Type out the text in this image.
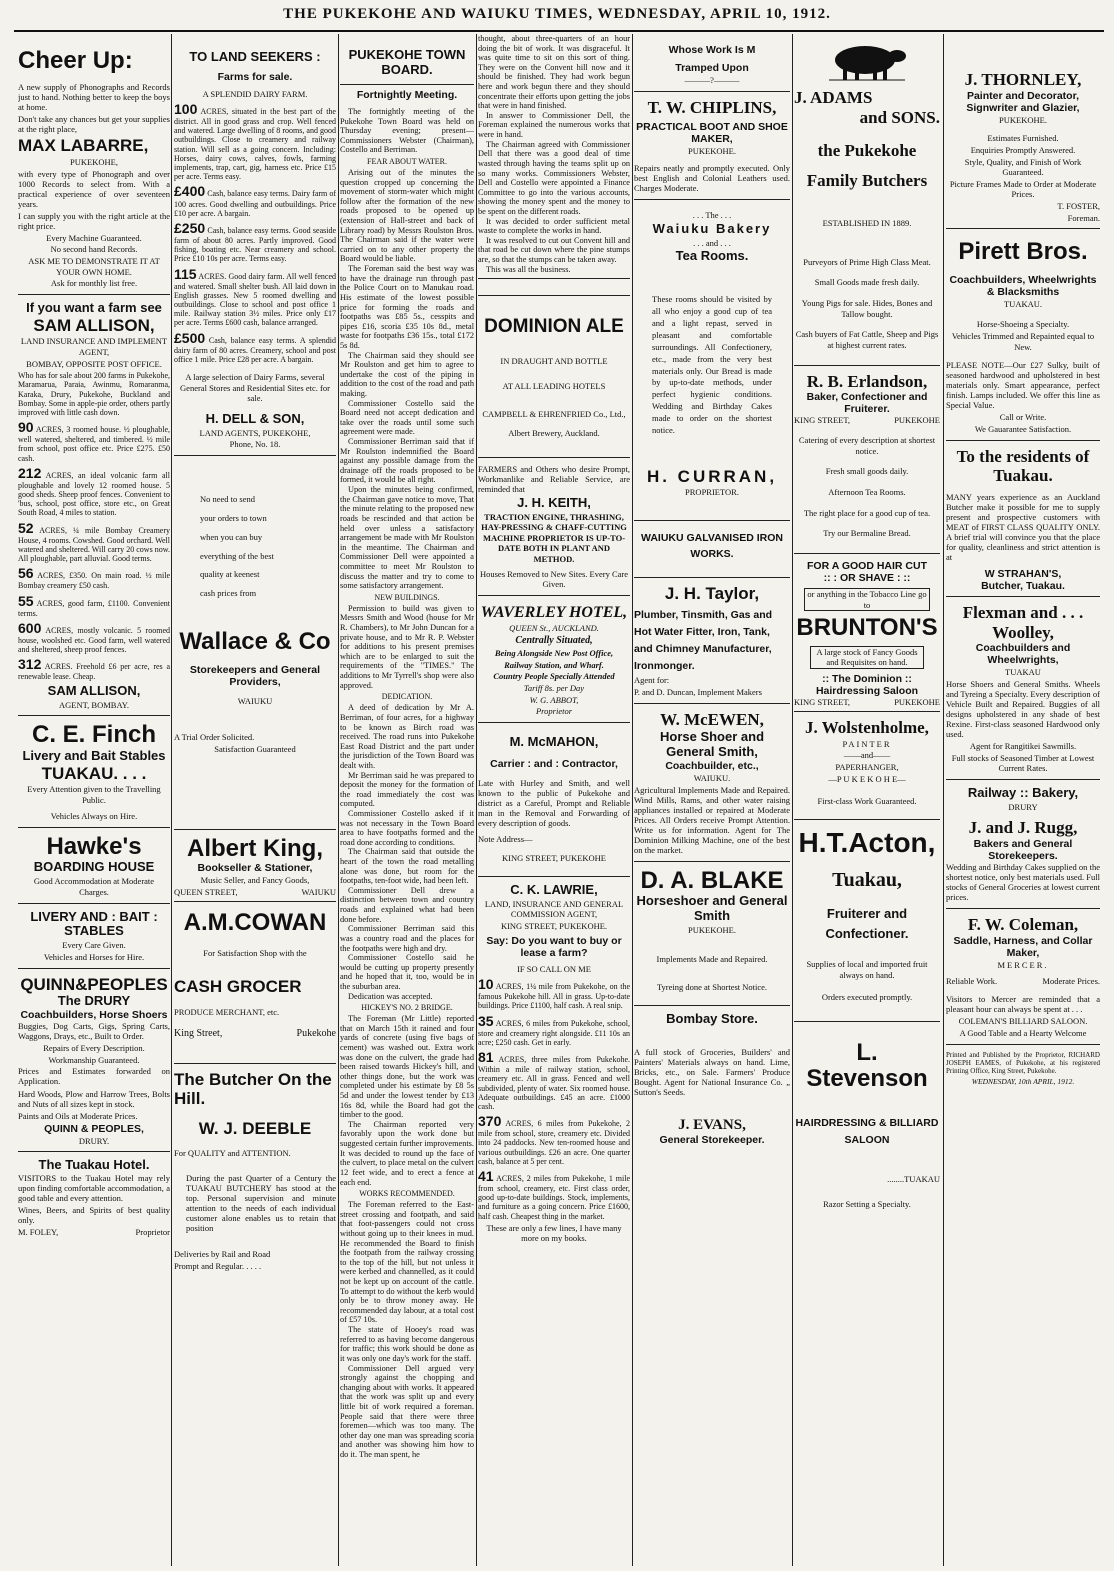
THE PUKEKOHE AND WAIUKU TIMES, WEDNESDAY, APRIL 10, 1912.
Cheer Up:

A new supply of Phonographs and Records just to hand. Nothing better to keep the boys at home.

Don't take any chances but get your supplies at the right place,

MAX LABARRE,
PUKEKOHE,

with every type of Phonograph and over 1000 Records to select from. With a practical experience of over seventeen years.

I can supply you with the right article at the right price.

Every Machine Guaranteed.
No second hand Records.
ASK ME TO DEMONSTRATE IT AT YOUR OWN HOME.
Ask for monthly list free.
If you want a farm see
SAM ALLISON,
LAND INSURANCE AND IMPLEMENT AGENT,
BOMBAY, OPPOSITE POST OFFICE.

Who has for sale about 200 farms in Pukekohe, Maramarua, Paraia, Awinmu, Romaranma, Karaka, Drury, Pukekohe, Buckland and Bombay. Some in apple-pie order, others partly improved with little cash down.

90 ACRES, 3 roomed house. ½ ploughable, well watered, sheltered, and timbered. ½ mile from school, post office etc. Price £275. £50 cash.

212 ACRES, an ideal volcanic farm all ploughable and lovely 12 roomed house. 5 good sheds. Sheep proof fences. Convenient to 'bus, school, post office, store etc., on Great South Road, 4 miles to station.

52 ACRES, ¼ mile Bombay Creamery House, 4 rooms. Cowshed. Good orchard. Well watered and sheltered. Will carry 20 cows now. All ploughable, part alluvial. Good terms.

56 ACRES, £350. On main road. ½ mile Bombay creamery £50 cash.

55 ACRES, good farm, £1100. Convenient terms.

600 ACRES, mostly volcanic. 5 roomed house, woolshed etc. Good farm, well watered and sheltered, sheep proof fences.

312 ACRES. Freehold £6 per acre, res a renewable lease. Cheap.

SAM ALLISON,
AGENT, BOMBAY.
C. E. Finch
Livery and Bait Stables
TUAKAU. . . .
Every Attention given to the Travelling Public.
Vehicles Always on Hire.
Hawke's
BOARDING HOUSE
Good Accommodation at Moderate Charges.
LIVERY AND : BAIT : STABLES
Every Care Given.
Vehicles and Horses for Hire.
QUINN&PEOPLES
The DRURY
Coachbuilders, Horse Shoers

Buggies, Dog Carts, Gigs, Spring Carts, Waggons, Drays, etc., Built to Order.

Repairs of Every Description.
Workmanship Guaranteed.

Prices and Estimates forwarded on Application.

Hard Woods, Plow and Harrow Trees, Bolts and Nuts of all sizes kept in stock.

Paints and Oils at Moderate Prices.

QUINN & PEOPLES,
DRURY.
The Tuakau Hotel.

VISITORS to the Tuakau Hotel may rely upon finding comfortable accommodation, a good table and every attention.

Wines, Beers, and Spirits of best quality only.

M. FOLEY,	Proprietor
TO LAND SEEKERS :
Farms for sale.
A SPLENDID DAIRY FARM.

100 ACRES, situated in the best part of the district. All in good grass and crop. Well fenced and watered. Large dwelling of 8 rooms, and good outbuildings. Close to creamery and railway station. Will sell as a going concern. Including: Horses, dairy cows, calves, fowls, farming implements, trap, cart, gig, harness etc. Price £15 per acre. Terms easy.

£400 Cash, balance easy terms. Dairy farm of 100 acres. Good dwelling and outbuildings. Price £10 per acre. A bargain.

£250 Cash, balance easy terms. Good seaside farm of about 80 acres. Partly improved. Good fishing, boating etc. Near creamery and school. Price £10 10s per acre. Terms easy.

115 ACRES. Good dairy farm. All well fenced and watered. Small shelter bush. All laid down in English grasses. New 5 roomed dwelling and outbuildings. Close to school and post office 1 mile. Railway station 3½ miles. Price only £17 per acre. Terms £600 cash, balance arranged.

£500 Cash, balance easy terms. A splendid dairy farm of 80 acres. Creamery, school and post office 1 mile. Price £28 per acre. A bargain.

A large selection of Dairy Farms, several General Stores and Residential Sites etc. for sale.
H. DELL & SON,
LAND AGENTS, PUKEKOHE,
Phone, No. 18.
No need to send
your orders to town
when you can buy
everything of the best
quality at keenest
cash prices from
Wallace & Co
Storekeepers and General Providers,
WAIUKU
A Trial Order Solicited.
Satisfaction Guaranteed
Albert King,
Bookseller & Stationer,
Music Seller, and Fancy Goods,
QUEEN STREET,	WAIUKU
A.M.COWAN
For Satisfaction Shop with the
CASH GROCER
PRODUCE MERCHANT, etc.
King Street,	Pukekohe
The Butcher On the Hill.
W. J. DEEBLE
For QUALITY and ATTENTION.

During the past Quarter of a Century the TUAKAU BUTCHERY has stood at the top. Personal supervision and minute attention to the needs of each individual customer alone enables us to retain that position

Deliveries by Rail and Road
Prompt and Regular. . . . .
PUKEKOHE TOWN BOARD.
Fortnightly Meeting.

The fortnightly meeting of the Pukekohe Town Board was held on Thursday evening; present— Commissioners Webster (Chairman), Costello and Berriman.

FEAR ABOUT WATER.

Arising out of the minutes the question cropped up concerning the movement of storm-water which might follow after the formation of the new roads proposed to be opened up (extension of Hall-street and back of Library road) by Messrs Roulston Bros. The Chairman said if the water were carried on to any other property the Board would be liable.

The Foreman said the best way was to have the drainage run through past the Police Court on to Manukau road. His estimate of the lowest possible price for forming the roads and footpaths was £85 5s., cesspits and pipes £16, scoria £35 10s 8d., metal waste for footpaths £36 15s., total £172 5s 8d.

The Chairman said they should see Mr Roulston and get him to agree to undertake the cost of the piping in addition to the cost of the road and path making.

Commissioner Costello said the Board need not accept dedication and take over the roads until some such agreement were made.

Commissioner Berriman said that if Mr Roulston indemnified the Board against any possible damage from the drainage off the roads proposed to be formed, it would be all right.

Upon the minutes being confirmed, the Chairman gave notice to move, That the minute relating to the proposed new roads be rescinded and that action be held over unless a satisfactory arrangement be made with Mr Roulston in the meantime. The Chairman and Commissioner Dell were appointed a committee to meet Mr Roulston to discuss the matter and try to come to some satisfactory arrangement.

NEW BUILDINGS.

Permission to build was given to Messrs Smith and Wood (house for Mr R. Chambers), to Mr John Duncan for a private house, and to Mr R. P. Webster for additions to his present premises which are to be enlarged to suit the requirements of the "TIMES." The additions to Mr Tyrrell's shop were also approved.

DEDICATION.

A deed of dedication by Mr A. Berriman, of four acres, for a highway to be known as Birch road was received. The road runs into Pukekohe East Road District and the part under the jurisdiction of the Town Board was dealt with.

Mr Berriman said he was prepared to deposit the money for the formation of the road immediately the cost was computed.

Commissioner Costello asked if it was not necessary in the Town Board area to have footpaths formed and the road done according to conditions.

The Chairman said that outside the heart of the town the road metalling alone was done, but room for the footpaths, ten-foot wide, had been left.

Commissioner Dell drew a distinction between town and country roads and explained what had been done before.

Commissioner Berriman said this was a country road and the places for the footpaths were high and dry.

Commissioner Costello said he would be cutting up property presently and he hoped that it, too, would be in the suburban area.

Dedication was accepted.

HICKEY'S NO. 2 BRIDGE.

The Foreman (Mr Little) reported that on March 15th it rained and four yards of concrete (using five bags of cement) was washed out. Extra work was done on the culvert, the grade had been raised towards Hickey's hill, and other things done, but the work was completed under his estimate by £8 5s 5d and under the lowest tender by £13 16s 8d, while the Board had got the timber to the good.

The Chairman reported very favorably upon the work done but suggested certain further improvements. It was decided to round up the face of the culvert, to place metal on the culvert 12 feet wide, and to erect a fence at each end.

WORKS RECOMMENDED.

The Foreman referred to the East-street crossing and footpath, and said that foot-passengers could not cross without going up to their knees in mud. He recommended the Board to finish the footpath from the railway crossing to the top of the hill, but not unless it were kerbed and channelled, as it could not be kept up on account of the cattle. To attempt to do without the kerb would only be to throw money away. He recommended day labour, at a total cost of £57 10s.

The state of Hooey's road was referred to as having become dangerous for traffic; this work should be done as it was only one day's work for the staff.

Commissioner Dell argued very strongly against the chopping and changing about with works. It appeared that the work was split up and every little bit of work required a foreman. People said that there were three foremen—which was too many. The other day one man was spreading scoria and another was showing him how to do it. The man spent, he

thought, about three-quarters of an hour doing the bit of work. It was disgraceful. It was quite time to sit on this sort of thing. They were on the Convent hill now and it should be finished. They had work begun here and work begun there and they should concentrate their efforts upon getting the jobs that were in hand finished.

In answer to Commissioner Dell, the Foreman explained the numerous works that were in hand.

The Chairman agreed with Commissioner Dell that there was a good deal of time wasted through having the teams split up on so many works. Commissioners Webster, Dell and Costello were appointed a Finance Committee to go into the various accounts, showing the money spent and the money to be spent on the different roads.

It was decided to order sufficient metal waste to complete the works in hand.

It was resolved to cut out Convent hill and that road be cut down where the pine stumps are, so that the stumps can be taken away.

This was all the business.

DOMINION ALE
IN DRAUGHT AND BOTTLE
AT ALL LEADING HOTELS
CAMPBELL & EHRENFRIED Co., Ltd.,
Albert Brewery, Auckland.

FARMERS and Others who desire Prompt, Workmanlike and Reliable Service, are reminded that

J. H. KEITH,
TRACTION ENGINE, THRASHING, HAY-PRESSING & CHAFF-CUTTING MACHINE PROPRIETOR IS UP-TO-DATE BOTH IN PLANT AND METHOD.
Houses Removed to New Sites. Every Care Given.
WAVERLEY HOTEL,
QUEEN St., AUCKLAND.
Centrally Situated,
Being Alongside New Post Office,
Railway Station, and Wharf.
Country People Specially Attended
Tariff 8s. per Day
W. G. ABBOT,
Proprietor
M. McMAHON,
Carrier : and : Contractor,

Late with Hurley and Smith, and well known to the public of Pukekohe and district as a Careful, Prompt and Reliable man in the Removal and Forwarding of every description of goods.

Note Address—
KING STREET, PUKEKOHE
C. K. LAWRIE,
LAND, INSURANCE AND GENERAL COMMISSION AGENT,
KING STREET, PUKEKOHE.
Say: Do you want to buy or lease a farm?
IF SO CALL ON ME

10 ACRES, 1¼ mile from Pukekohe, on the famous Pukekohe hill. All in grass. Up-to-date buildings. Price £1100, half cash. A real snip.

35 ACRES, 6 miles from Pukekohe, school, store and creamery right alongside. £11 10s an acre; £250 cash. Get in early.

81 ACRES, three miles from Pukekohe. Within a mile of railway station, school, creamery etc. All in grass. Fenced and well subdivided, plenty of water. Six roomed house. Adequate outbuildings. £45 an acre. £1000 cash.

370 ACRES, 6 miles from Pukekohe, 2 mile from school, store, creamery etc. Divided into 24 paddocks. New ten-roomed house and various outbuildings. £26 an acre. One quarter cash, balance at 5 per cent.

41 ACRES, 2 miles from Pukekohe, 1 mile from school, creamery, etc. First class order, good up-to-date buildings. Stock, implements, and furniture as a going concern. Price £1600, half cash. Cheapest thing in the market.

These are only a few lines, I have many more on my books.
Whose Work Is M
Tramped Upon
———?———
T. W. CHIPLINS,
PRACTICAL BOOT AND SHOE MAKER,
PUKEKOHE.

Repairs neatly and promptly executed. Only best English and Colonial Leathers used. Charges Moderate.

. . . The . . .
Waiuku Bakery
. . . and . . .
Tea Rooms.

These rooms should be visited by all who enjoy a good cup of tea and a light repast, served in pleasant and comfortable surroundings. All Confectionery, etc., made from the very best materials only. Our Bread is made by up-to-date methods, under perfect hygienic conditions. Wedding and Birthday Cakes made to order on the shortest notice.

H. CURRAN,
PROPRIETOR.
WAIUKU GALVANISED IRON WORKS.
J. H. Taylor,
Plumber, Tinsmith, Gas and Hot Water Fitter, Iron, Tank, and Chimney Manufacturer, Ironmonger.
Agent for:
P. and D. Duncan, Implement Makers
W. McEWEN,
Horse Shoer and General Smith,
Coachbuilder, etc.,
WAIUKU.

Agricultural Implements Made and Repaired. Wind Mills, Rams, and other water raising appliances installed or repaired at Moderate Prices. All Orders receive Prompt Attention. Write us for information. Agent for The Dominion Milking Machine, one of the best on the market.

D. A. BLAKE
Horseshoer and General Smith
PUKEKOHE.
Implements Made and Repaired.
Tyreing done at Shortest Notice.
Bombay Store.

A full stock of Groceries, Builders' and Painters' Materials always on hand. Lime, Bricks, etc., on Sale. Farmers' Produce Bought. Agent for National Insurance Co. „ Sutton's Seeds.

J. EVANS,
General Storekeeper.
J. ADAMS
and SONS.
the Pukekohe
Family Butchers
ESTABLISHED IN 1889.
Purveyors of Prime High Class Meat.
Small Goods made fresh daily.
Young Pigs for sale. Hides, Bones and Tallow bought.
Cash buyers of Fat Cattle, Sheep and Pigs at highest current rates.
R. B. Erlandson,
Baker, Confectioner and Fruiterer.
KING STREET,	PUKEKOHE
Catering of every description at shortest notice.
Fresh small goods daily.
Afternoon Tea Rooms.
The right place for a good cup of tea.
Try our Bermaline Bread.
FOR A GOOD HAIR CUT
:: : OR SHAVE : ::
or anything in the Tobacco Line go to
BRUNTON'S
A large stock of Fancy Goods and Requisites on hand.
:: The Dominion ::
Hairdressing Saloon
KING STREET,	PUKEKOHE
J. Wolstenholme,
PAINTER
——and——
PAPERHANGER,
—P U K E K O H E—
First-class Work Guaranteed.
H.T.Acton,
Tuakau,
Fruiterer and Confectioner.
Supplies of local and imported fruit always on hand.
Orders executed promptly.
L. Stevenson
HAIRDRESSING & BILLIARD SALOON
........TUAKAU
Razor Setting a Specialty.
J. THORNLEY,
Painter and Decorator, Signwriter and Glazier,
PUKEKOHE.
Estimates Furnished.
Enquiries Promptly Answered.
Style, Quality, and Finish of Work Guaranteed.
Picture Frames Made to Order at Moderate Prices.
T. FOSTER,
Foreman.
Pirett Bros.
Coachbuilders, Wheelwrights & Blacksmiths
TUAKAU.
Horse-Shoeing a Specialty.
Vehicles Trimmed and Repainted equal to New.

PLEASE NOTE—Our £27 Sulky, built of seasoned hardwood and upholstered in best materials only. Smart appearance, perfect finish. Lamps included. We offer this line as Special Value.

Call or Write.
We Gauarantee Satisfaction.
To the residents of Tuakau.

MANY years experience as an Auckland Butcher make it possible for me to supply present and prospective customers with MEAT of FIRST CLASS QUALITY ONLY. A brief trial will convince you that the place for quality, cleanliness and strict attention is at

W STRAHAN'S,
Butcher, Tuakau.
Flexman and . . . Woolley,
Coachbuilders and Wheelwrights,
TUAKAU

Horse Shoers and General Smiths. Wheels and Tyreing a Specialty. Every description of Vehicle Built and Repaired. Buggies of all designs upholstered in any shade of best Rexine. First-class seasoned Hardwood only used.

Agent for Rangitikei Sawmills.
Full stocks of Seasoned Timber at Lowest Current Rates.
Railway :: Bakery,
DRURY
J. and J. Rugg,
Bakers and General Storekeepers.

Wedding and Birthday Cakes supplied on the shortest notice, only best materials used. Full stocks of General Groceries at lowest current prices.

F. W. Coleman,
Saddle, Harness, and Collar Maker,
MERCER.
Reliable Work.	Moderate Prices.

Visitors to Mercer are reminded that a pleasant hour can always be spent at . . .

COLEMAN'S BILLIARD SALOON.
A Good Table and a Hearty Welcome

Printed and Published by the Proprietor, RICHARD JOSEPH EAMES, of Pukekohe, at his registered Printing Office, King Street, Pukekohe.

WEDNESDAY, 10th APRIL, 1912.
